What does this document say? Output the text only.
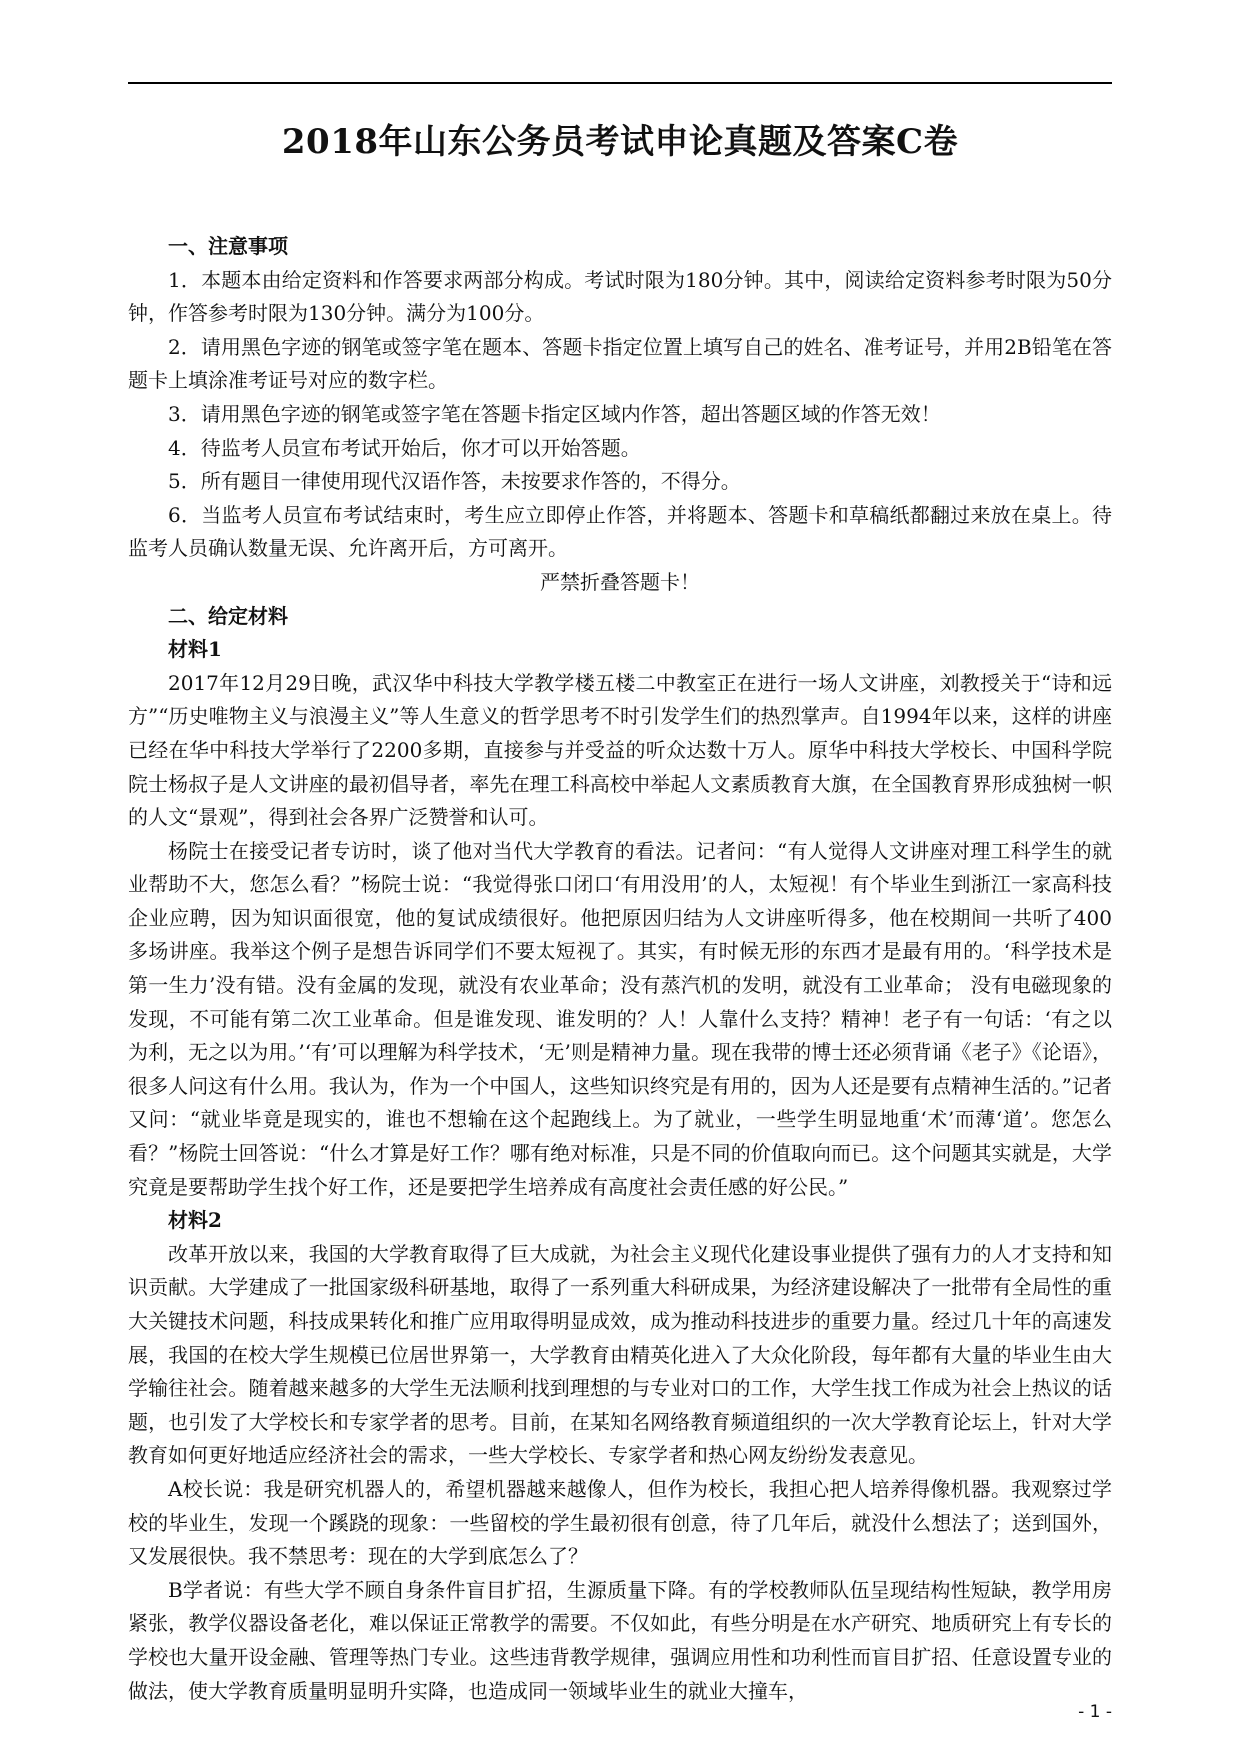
2018年山东公务员考试申论真题及答案C卷

一、注意事项

1．本题本由给定资料和作答要求两部分构成。考试时限为180分钟。其中，阅读给定资料参考时限为50分钟，作答参考时限为130分钟。满分为100分。

2．请用黑色字迹的钢笔或签字笔在题本、答题卡指定位置上填写自己的姓名、准考证号，并用2B铅笔在答题卡上填涂准考证号对应的数字栏。

3．请用黑色字迹的钢笔或签字笔在答题卡指定区域内作答，超出答题区域的作答无效！

4．待监考人员宣布考试开始后，你才可以开始答题。

5．所有题目一律使用现代汉语作答，未按要求作答的，不得分。

6．当监考人员宣布考试结束时，考生应立即停止作答，并将题本、答题卡和草稿纸都翻过来放在桌上。待监考人员确认数量无误、允许离开后，方可离开。

严禁折叠答题卡！

二、给定材料

材料1

2017年12月29日晚，武汉华中科技大学教学楼五楼二中教室正在进行一场人文讲座，刘教授关于“诗和远方”“历史唯物主义与浪漫主义”等人生意义的哲学思考不时引发学生们的热烈掌声。自1994年以来，这样的讲座已经在华中科技大学举行了2200多期，直接参与并受益的听众达数十万人。原华中科技大学校长、中国科学院院士杨叔子是人文讲座的最初倡导者，率先在理工科高校中举起人文素质教育大旗，在全国教育界形成独树一帜的人文“景观”，得到社会各界广泛赞誉和认可。

杨院士在接受记者专访时，谈了他对当代大学教育的看法。记者问：“有人觉得人文讲座对理工科学生的就业帮助不大，您怎么看？”杨院士说：“我觉得张口闭口‘有用没用’的人，太短视！有个毕业生到浙江一家高科技企业应聘，因为知识面很宽，他的复试成绩很好。他把原因归结为人文讲座听得多，他在校期间一共听了400 多场讲座。我举这个例子是想告诉同学们不要太短视了。其实，有时候无形的东西才是最有用的。‘科学技术是第一生力’没有错。没有金属的发现，就没有农业革命；没有蒸汽机的发明，就没有工业革命； 没有电磁现象的发现，不可能有第二次工业革命。但是谁发现、谁发明的？人！人靠什么支持？精神！老子有一句话：‘有之以为利，无之以为用。’‘有’可以理解为科学技术，‘无’则是精神力量。现在我带的博士还必须背诵《老子》《论语》，很多人问这有什么用。我认为，作为一个中国人，这些知识终究是有用的，因为人还是要有点精神生活的。”记者又问：“就业毕竟是现实的，谁也不想输在这个起跑线上。为了就业，一些学生明显地重‘术’而薄‘道’。您怎么看？”杨院士回答说：“什么才算是好工作？哪有绝对标准，只是不同的价值取向而已。这个问题其实就是，大学究竟是要帮助学生找个好工作，还是要把学生培养成有高度社会责任感的好公民。”

材料2

改革开放以来，我国的大学教育取得了巨大成就，为社会主义现代化建设事业提供了强有力的人才支持和知识贡献。大学建成了一批国家级科研基地，取得了一系列重大科研成果，为经济建设解决了一批带有全局性的重大关键技术问题，科技成果转化和推广应用取得明显成效，成为推动科技进步的重要力量。经过几十年的高速发展，我国的在校大学生规模已位居世界第一，大学教育由精英化进入了大众化阶段，每年都有大量的毕业生由大学输往社会。随着越来越多的大学生无法顺利找到理想的与专业对口的工作，大学生找工作成为社会上热议的话题，也引发了大学校长和专家学者的思考。目前，在某知名网络教育频道组织的一次大学教育论坛上，针对大学教育如何更好地适应经济社会的需求，一些大学校长、专家学者和热心网友纷纷发表意见。

A校长说：我是研究机器人的，希望机器越来越像人，但作为校长，我担心把人培养得像机器。我观察过学校的毕业生，发现一个蹊跷的现象：一些留校的学生最初很有创意，待了几年后，就没什么想法了；送到国外，又发展很快。我不禁思考：现在的大学到底怎么了？

B学者说：有些大学不顾自身条件盲目扩招，生源质量下降。有的学校教师队伍呈现结构性短缺，教学用房紧张，教学仪器设备老化，难以保证正常教学的需要。不仅如此，有些分明是在水产研究、地质研究上有专长的学校也大量开设金融、管理等热门专业。这些违背教学规律，强调应用性和功利性而盲目扩招、任意设置专业的做法，使大学教育质量明显明升实降，也造成同一领域毕业生的就业大撞车，

- 1 -
